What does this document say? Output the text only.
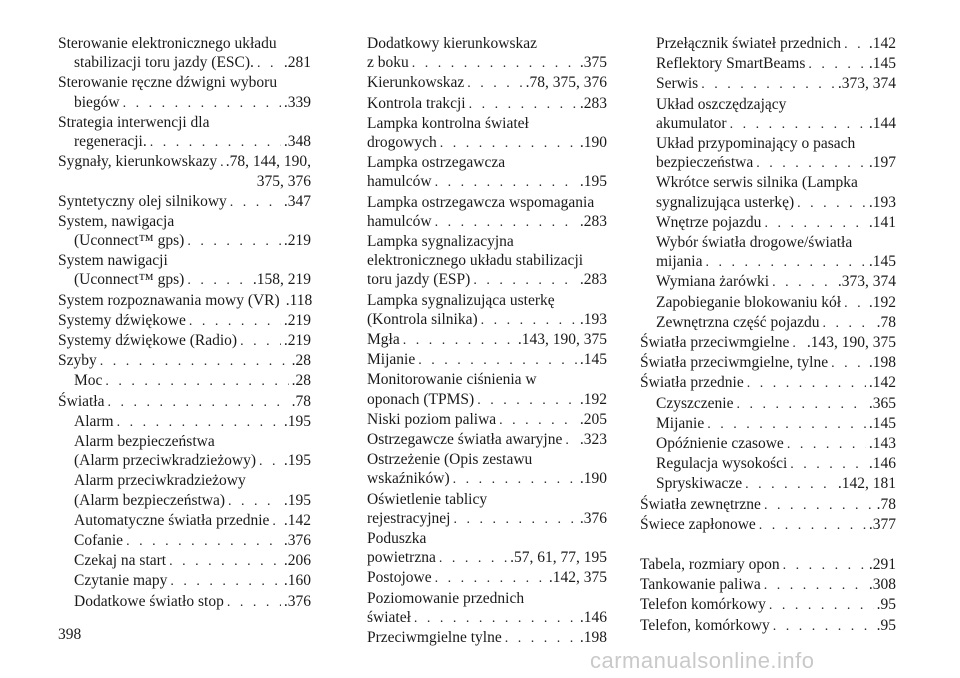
Sterowanie elektronicznego układu
stabilizacji toru jazdy (ESC). . . . .281
Sterowanie ręczne dźwigni wyboru
biegów . . .	.339
Strategia interwencji dla
regeneracji. . . .	.348
Sygnały, kierunkowskazy . . . .78, 144, 190,
375, 376
Syntetyczny olej silnikowy . . .	.347
System, nawigacja
(Uconnect™ gps) . . .	.219
System nawigacji
(Uconnect™ gps) . . .	.158, 219
System rozpoznawania mowy (VR) .118
Systemy dźwiękowe . . .	.219
Systemy dźwiękowe (Radio) . . .	.219
Szyby . . .	.28
Moc . . .	.28
Światła . . .	.78
Alarm . . .	.195
Alarm bezpieczeństwa
(Alarm przeciwkradzieżowy) . . . .195
Alarm przeciwkradzieżowy
(Alarm bezpieczeństwa) . . .	.195
Automatyczne światła przednie . . . .142
Cofanie . . .	.376
Czekaj na start . . .	.206
Czytanie mapy . . .	.160
Dodatkowe światło stop . . .	.376
Dodatkowy kierunkowskaz
z boku . . .	.375
Kierunkowskaz . . .	.78, 375, 376
Kontrola trakcji . . .	.283
Lampka kontrolna świateł
drogowych . . .	.190
Lampka ostrzegawcza
hamulców . . .	.195
Lampka ostrzegawcza wspomagania
hamulców . . .	.283
Lampka sygnalizacyjna
elektronicznego układu stabilizacji
toru jazdy (ESP) . . .	.283
Lampka sygnalizująca usterkę
(Kontrola silnika) . . .	.193
Mgła . . .	.143, 190, 375
Mijanie . . .	.145
Monitorowanie ciśnienia w
oponach (TPMS) . . .	.192
Niski poziom paliwa . . .	.205
Ostrzegawcze światła awaryjne . . . .323
Ostrzeżenie (Opis zestawu
wskaźników) . . .	.190
Oświetlenie tablicy
rejestracyjnej . . .	.376
Poduszka
powietrzna . . .	.57, 61, 77, 195
Postojowe . . .	.142, 375
Poziomowanie przednich
świateł . . .	.146
Przeciwmgielne tylne . . .	.198
Przełącznik świateł przednich . . . .142
Reflektory SmartBeams . . .	.145
Serwis . . .	.373, 374
Układ oszczędzający
akumulator . . .	.144
Układ przypominający o pasach
bezpieczeństwa . . .	.197
Wkrótce serwis silnika (Lampka
sygnalizująca usterkę) . . .	.193
Wnętrze pojazdu . . .	.141
Wybór światła drogowe/światła
mijania . . .	.145
Wymiana żarówki . . .	.373, 374
Zapobieganie blokowaniu kół . . . .192
Zewnętrzna część pojazdu . . .	.78
Światła przeciwmgielne . . . .143, 190, 375
Światła przeciwmgielne, tylne . . .	.198
Światła przednie . . .	.142
Czyszczenie . . .	.365
Mijanie . . .	.145
Opóźnienie czasowe . . .	.143
Regulacja wysokości . . .	.146
Spryskiwacze . . .	.142, 181
Światła zewnętrzne . . .	.78
Świece zapłonowe . . .	.377
Tabela, rozmiary opon . . .	.291
Tankowanie paliwa . . .	.308
Telefon komórkowy . . .	.95
Telefon, komórkowy . . .	.95
398
carmanualsonline.info
